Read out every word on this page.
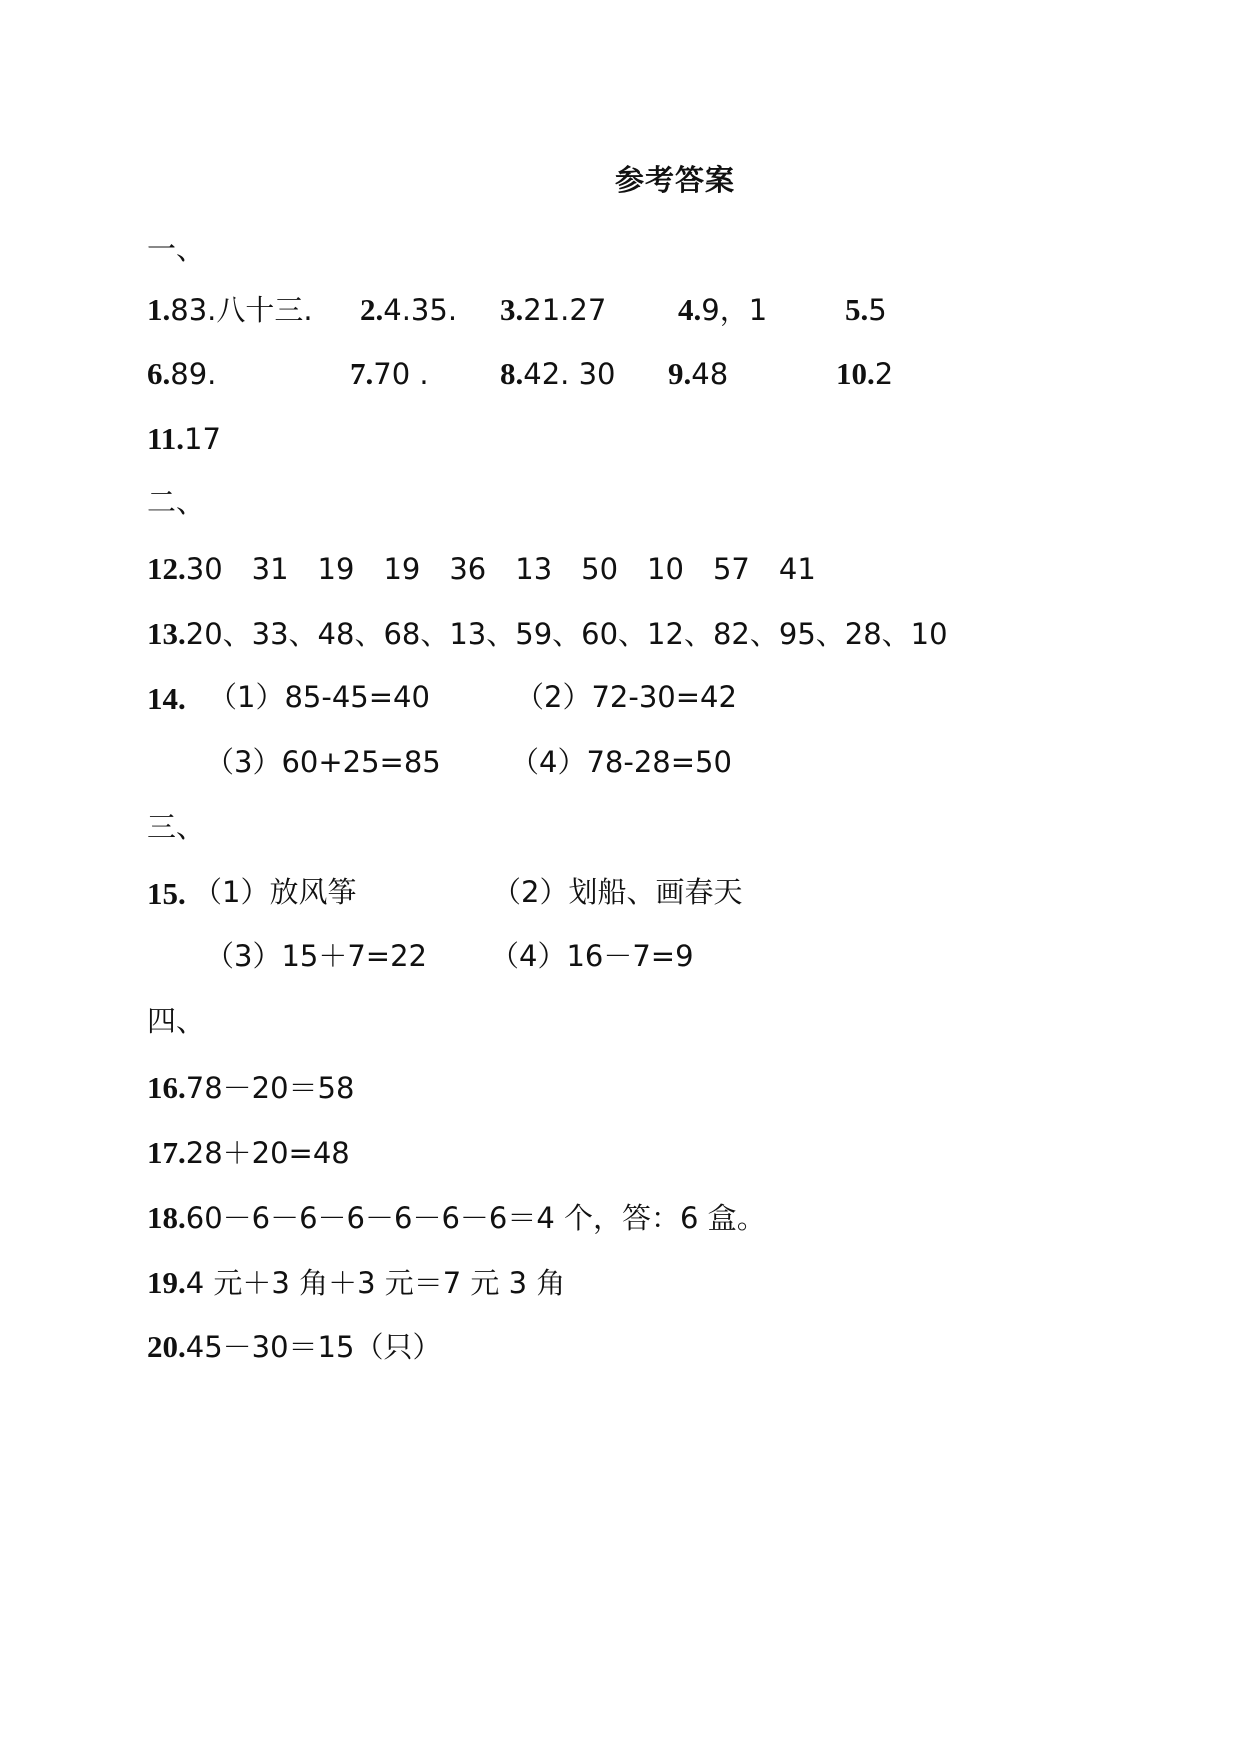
参考答案
一、
1.83.八十三. 2.4.35. 3.21.27 4.9，1	5.5
6.89.	7.70 . 8.42. 30 9.48	10.2
11.17
二、
12.30　31　19　19　36　13　50　10　57　41
13.20、33、48、68、13、59、60、12、82、95、28、10
14. （1）85-45=40	（2）72-30=42
（3）60+25=85 （4）78-28=50
三、
15. （1）放风筝	（2）划船、画春天
（3）15＋7=22 （4）16－7=9
四、
16.78－20＝58
17.28＋20=48
18.60－6－6－6－6－6－6＝4 个，答：6 盒。
19.4 元＋3 角＋3 元＝7 元 3 角
20.45－30＝15（只）
